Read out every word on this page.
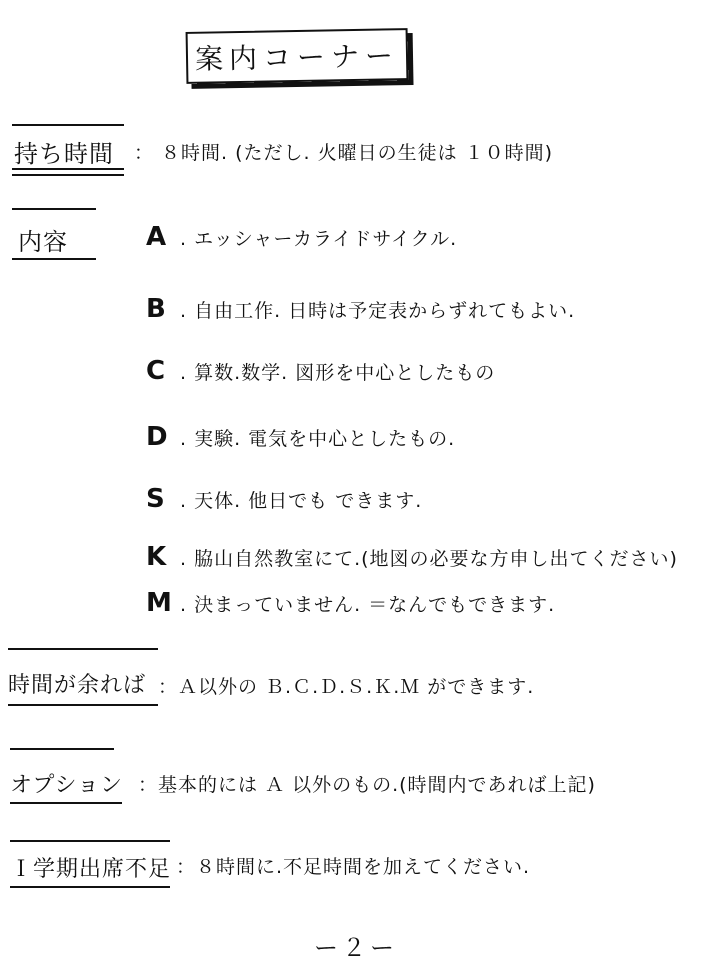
案内コーナー
持ち時間 ： ８時間. (ただし. 火曜日の生徒は １０時間)
内容	A . エッシャーカライドサイクル.
B . 自由工作. 日時は予定表からずれてもよい.
C . 算数.数学. 図形を中心としたもの
D . 実験. 電気を中心としたもの.
S . 天体. 他日でも できます.
K . 脇山自然教室にて.(地図の必要な方申し出てください)
M . 決まっていません. ＝なんでもできます.
時間が余れば ：Ａ以外の Ｂ.Ｃ.Ｄ.Ｓ.Ｋ.Ｍ ができます.
オプション ：基本的には Ａ 以外のもの.(時間内であれば上記)
Ｉ学期出席不足 ：８時間に.不足時間を加えてください.
ー２ー
